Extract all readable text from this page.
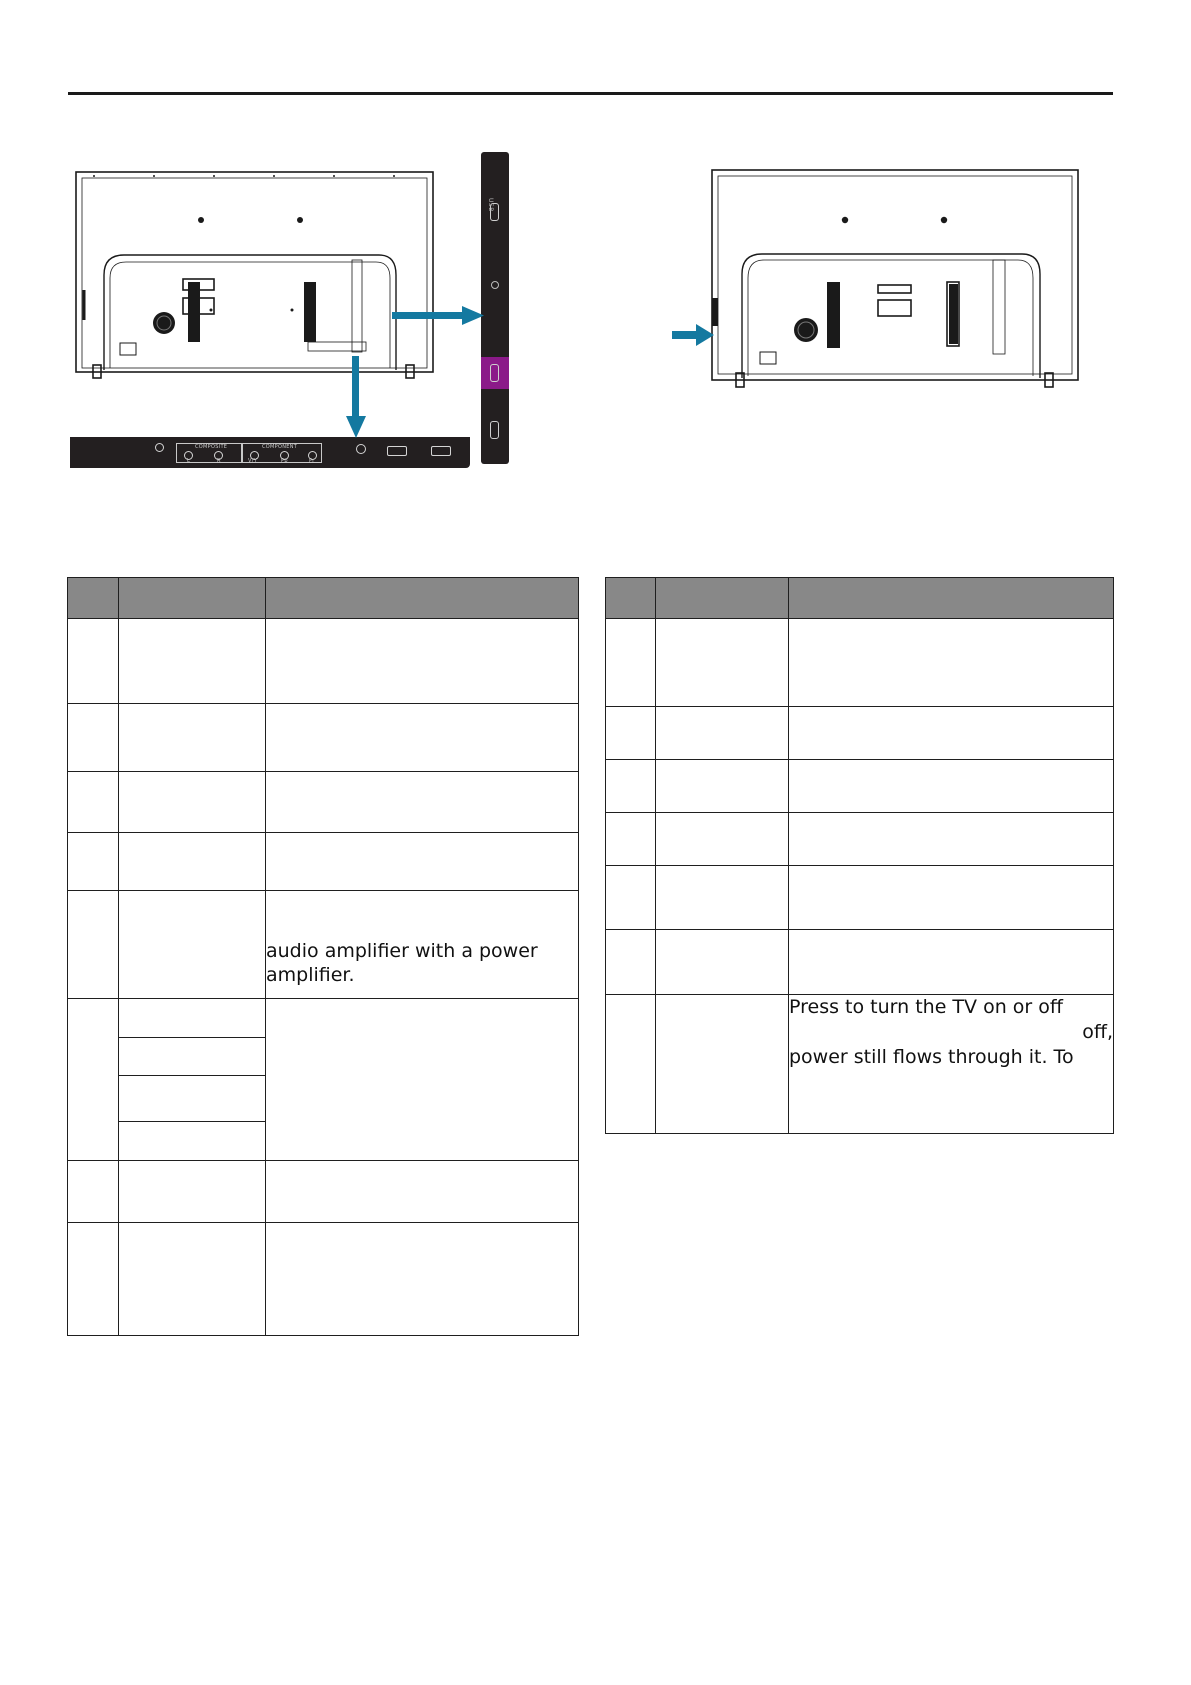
USB
COMPOSITE	COMPONENT
L	R	V/Y	Pb	Pr

		audio amplifier with a power
amplifier.

		Press to turn the TV on or off
off,
power still flows through it. To
